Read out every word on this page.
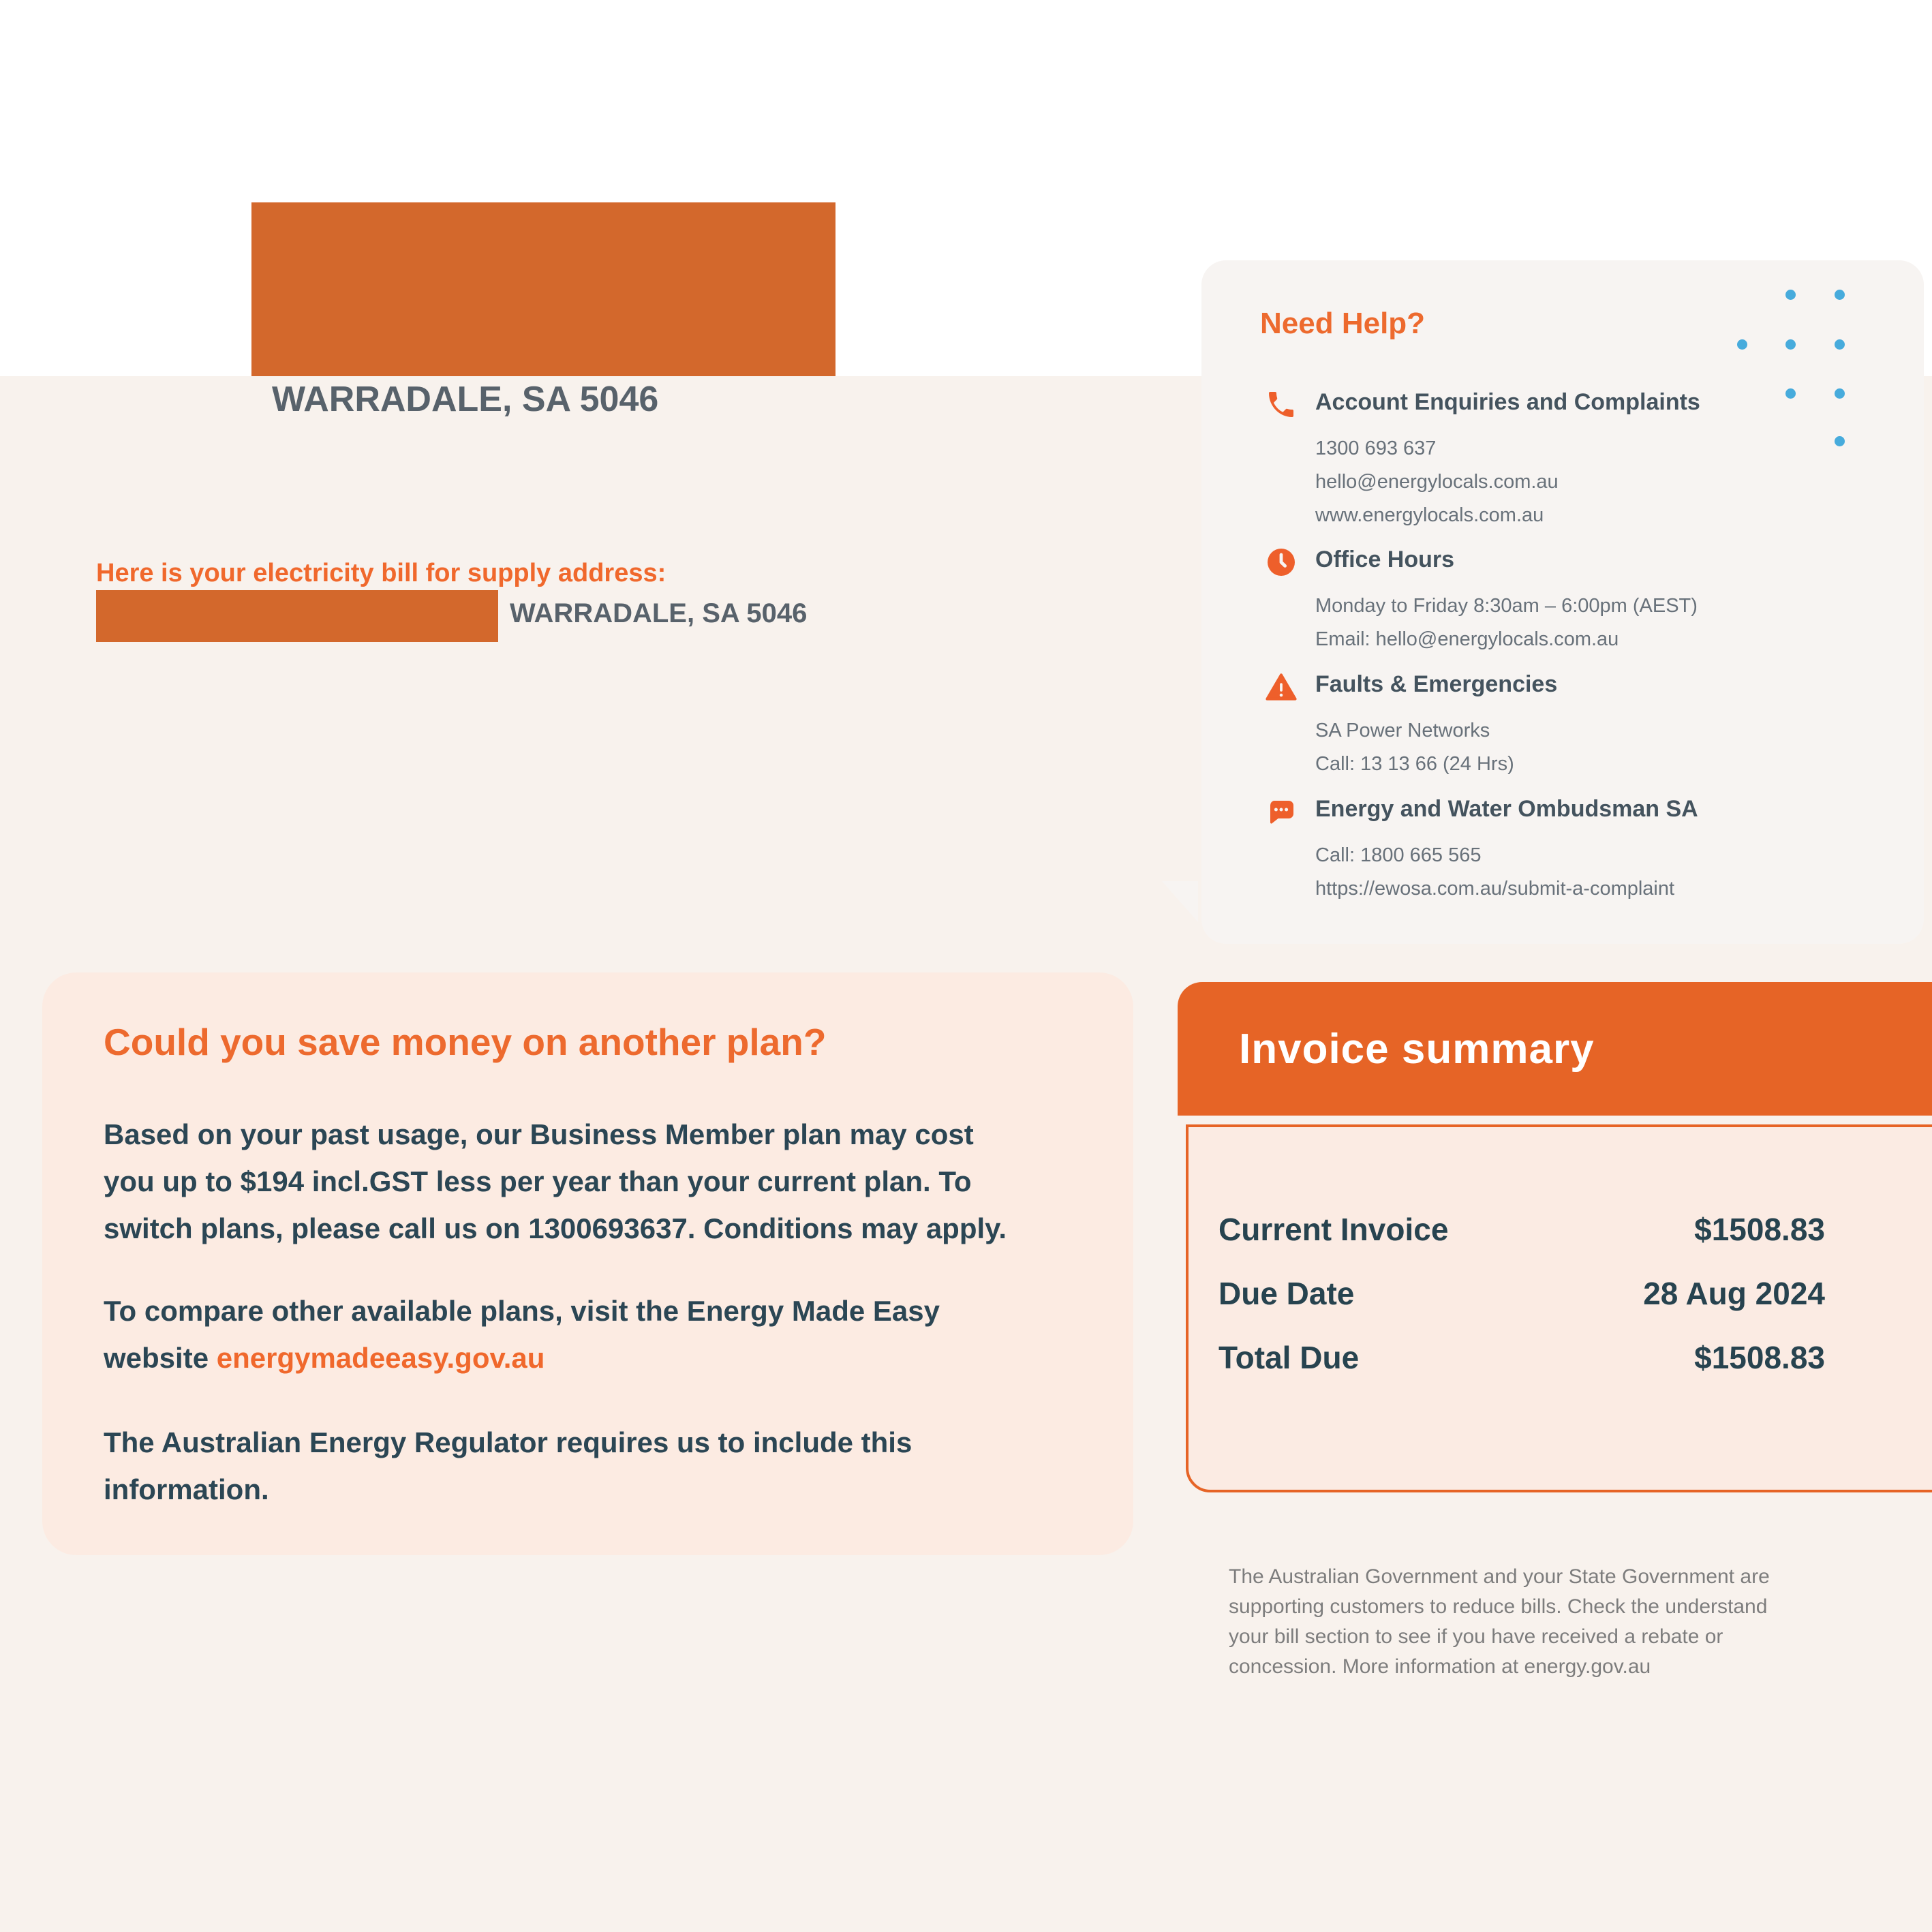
WARRADALE, SA 5046
Here is your electricity bill for supply address:
WARRADALE, SA 5046
Need Help?
Account Enquiries and Complaints
1300 693 637
hello@energylocals.com.au
www.energylocals.com.au
Office Hours
Monday to Friday 8:30am – 6:00pm (AEST)
Email: hello@energylocals.com.au
Faults & Emergencies
SA Power Networks
Call: 13 13 66 (24 Hrs)
Energy and Water Ombudsman SA
Call: 1800 665 565
https://ewosa.com.au/submit-a-complaint
Could you save money on another plan?
Based on your past usage, our Business Member plan may cost
you up to $194 incl.GST less per year than your current plan. To
switch plans, please call us on 1300693637. Conditions may apply.
To compare other available plans, visit the Energy Made Easy
website energymadeeasy.gov.au
The Australian Energy Regulator requires us to include this
information.
Invoice summary
Current Invoice	$1508.83
Due Date	28 Aug 2024
Total Due	$1508.83
The Australian Government and your State Government are
supporting customers to reduce bills. Check the understand
your bill section to see if you have received a rebate or
concession. More information at energy.gov.au
